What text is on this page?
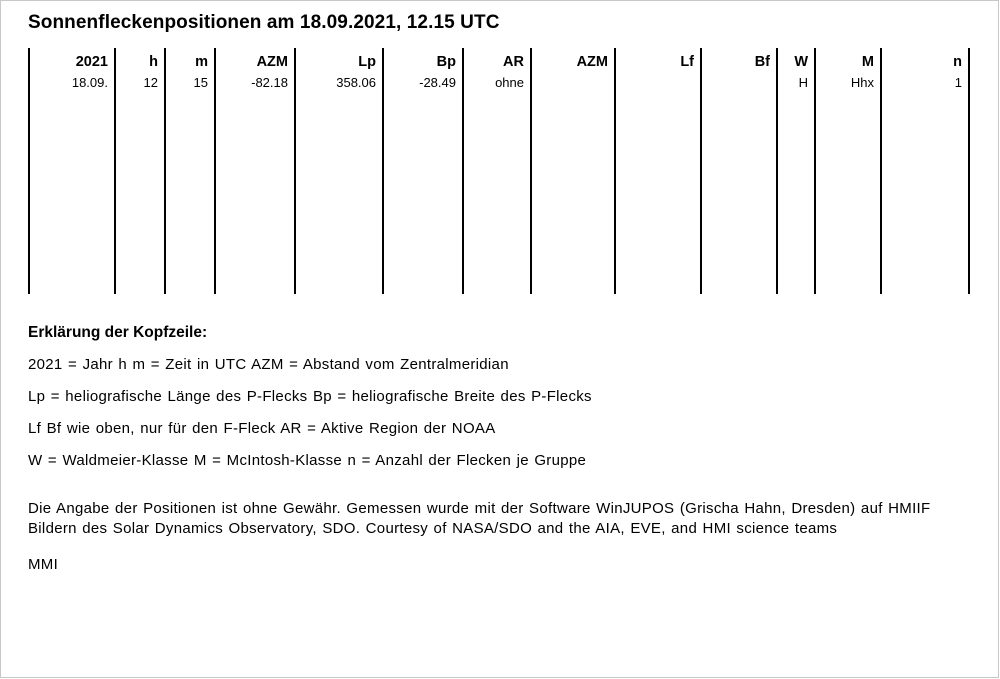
Sonnenfleckenpositionen am 18.09.2021, 12.15 UTC
2021	h	m	AZM	Lp	Bp	AR	AZM	Lf	Bf	W	M	n
18.09.	12	15	-82.18	358.06	-28.49	ohne				H	Hhx	1

Erklärung der Kopfzeile:

2021 = Jahr h m = Zeit in UTC AZM = Abstand vom Zentralmeridian

Lp = heliografische Länge des P-Flecks Bp = heliografische Breite des P-Flecks

Lf Bf wie oben, nur für den F-Fleck AR = Aktive Region der NOAA

W = Waldmeier-Klasse M = McIntosh-Klasse n = Anzahl der Flecken je Gruppe

Die Angabe der Positionen ist ohne Gewähr. Gemessen wurde mit der Software WinJUPOS (Grischa Hahn, Dresden) auf HMIIF Bildern des Solar Dynamics Observatory, SDO. Courtesy of NASA/SDO and the AIA, EVE, and HMI science teams
MMI
